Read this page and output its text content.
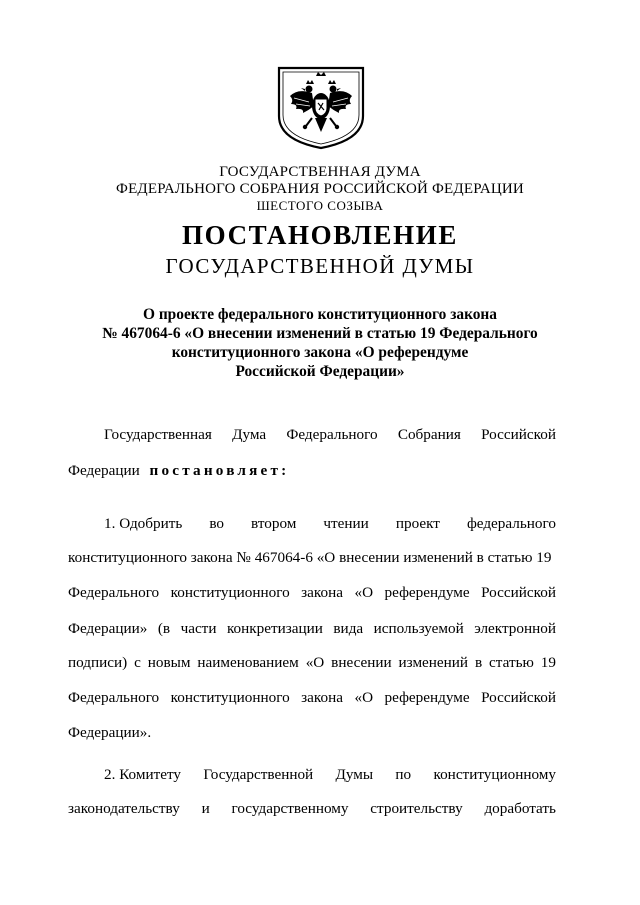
ГОСУДАРСТВЕННАЯ ДУМА
ФЕДЕРАЛЬНОГО СОБРАНИЯ РОССИЙСКОЙ ФЕДЕРАЦИИ
ШЕСТОГО СОЗЫВА
ПОСТАНОВЛЕНИЕ
ГОСУДАРСТВЕННОЙ ДУМЫ
О проекте федерального конституционного закона
№ 467064-6 «О внесении изменений в статью 19 Федерального
конституционного закона «О референдуме
Российской Федерации»
Государственная Дума Федерального Собрания Российской
Федерации постановляет:
1. Одобрить во втором чтении проект федерального
конституционного закона № 467064-6 «О внесении изменений в статью 19
Федерального конституционного закона «О референдуме Российской
Федерации» (в части конкретизации вида используемой электронной
подписи) с новым наименованием «О внесении изменений в статью 19
Федерального конституционного закона «О референдуме Российской
Федерации».
2. Комитету Государственной Думы по конституционному
законодательству и государственному строительству доработать
